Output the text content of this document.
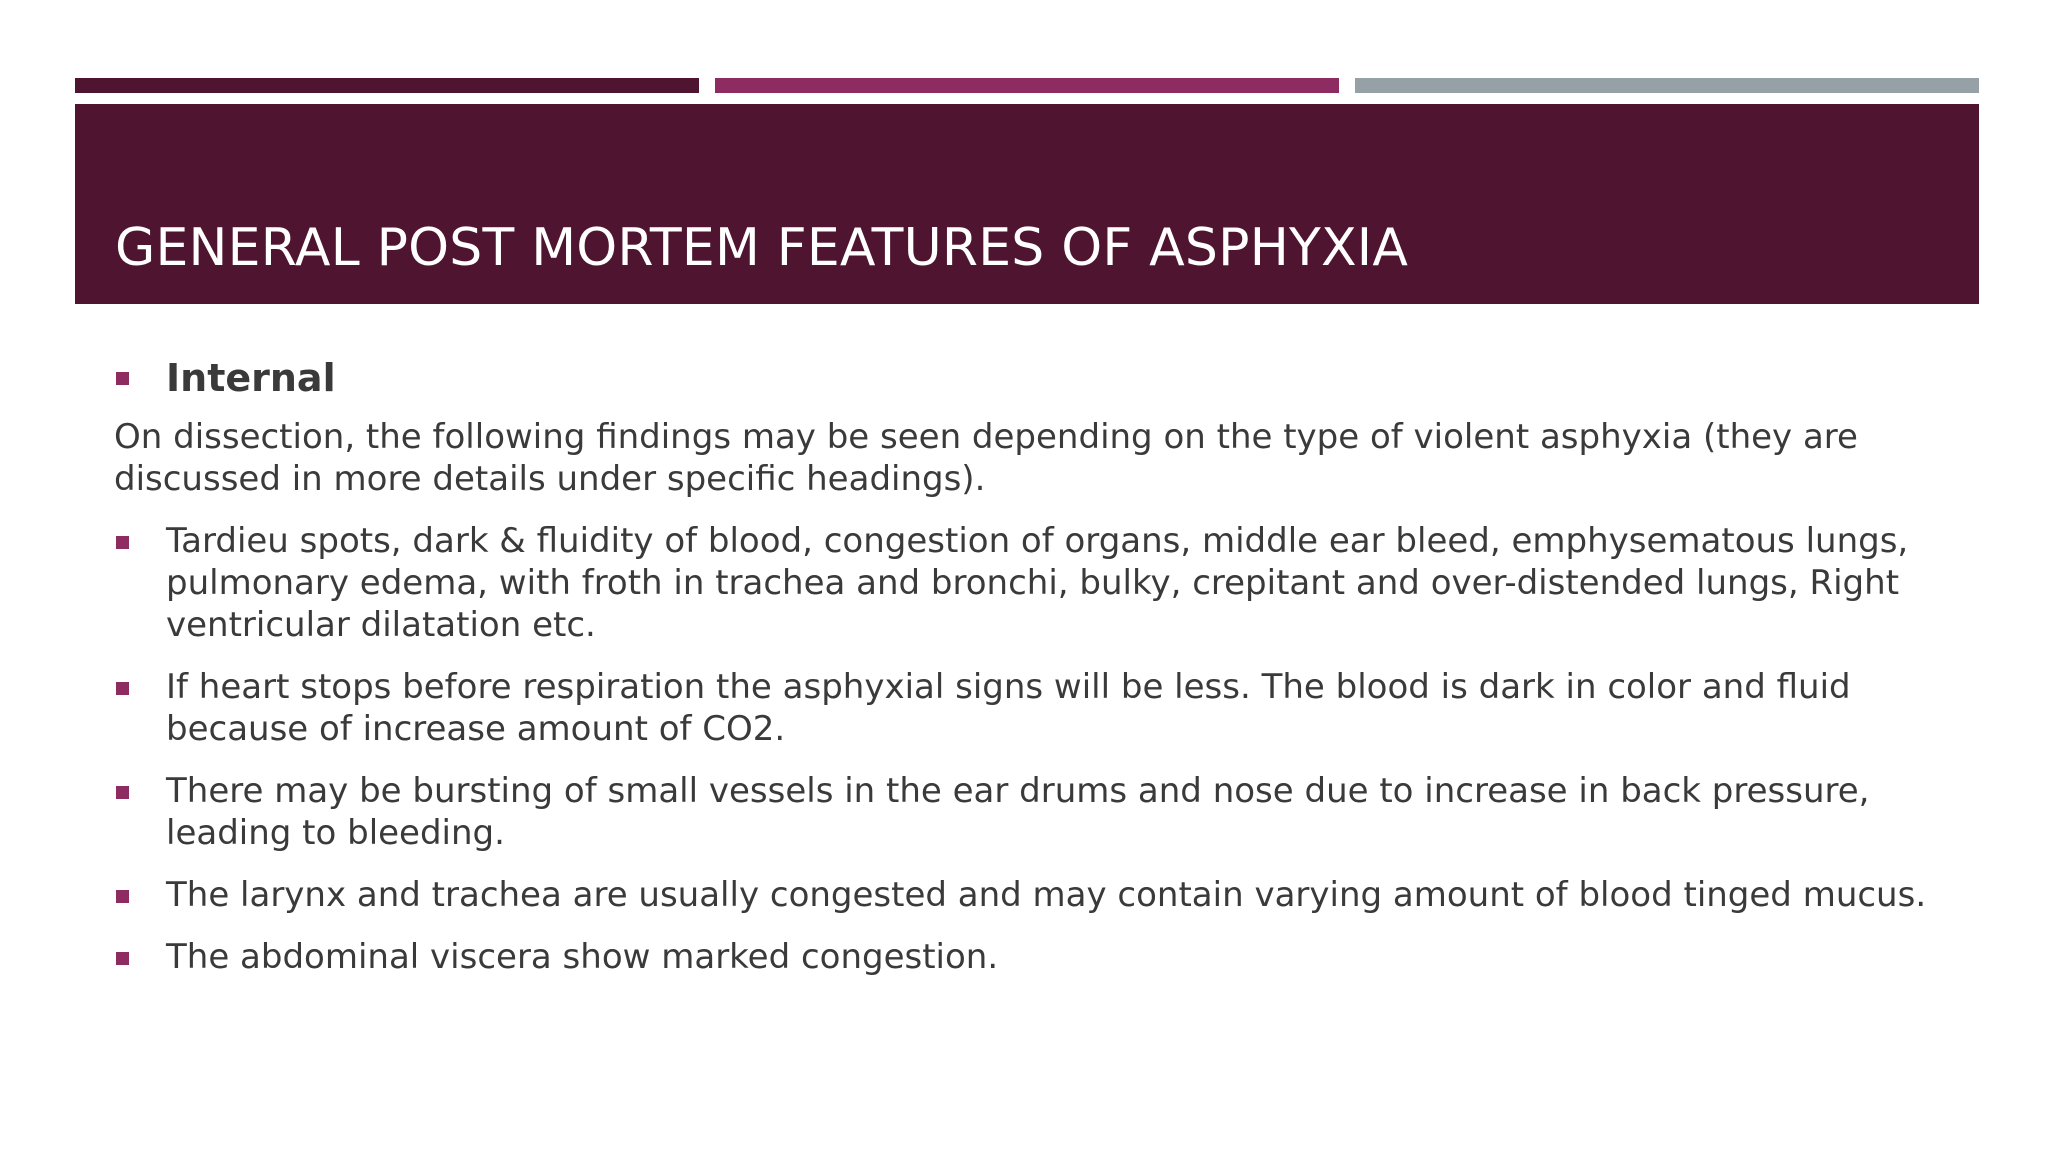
GENERAL POST MORTEM FEATURES OF ASPHYXIA
Internal
On dissection, the following findings may be seen depending on the type of violent asphyxia (they are discussed in more details under specific headings).
Tardieu spots, dark & fluidity of blood, congestion of organs, middle ear bleed, emphysematous lungs, pulmonary edema, with froth in trachea and bronchi, bulky, crepitant and over-distended lungs, Right ventricular dilatation etc.
If heart stops before respiration the asphyxial signs will be less. The blood is dark in color and fluid because of increase amount of CO2.
There may be bursting of small vessels in the ear drums and nose due to increase in back pressure, leading to bleeding.
The larynx and trachea are usually congested and may contain varying amount of blood tinged mucus.
The abdominal viscera show marked congestion.
